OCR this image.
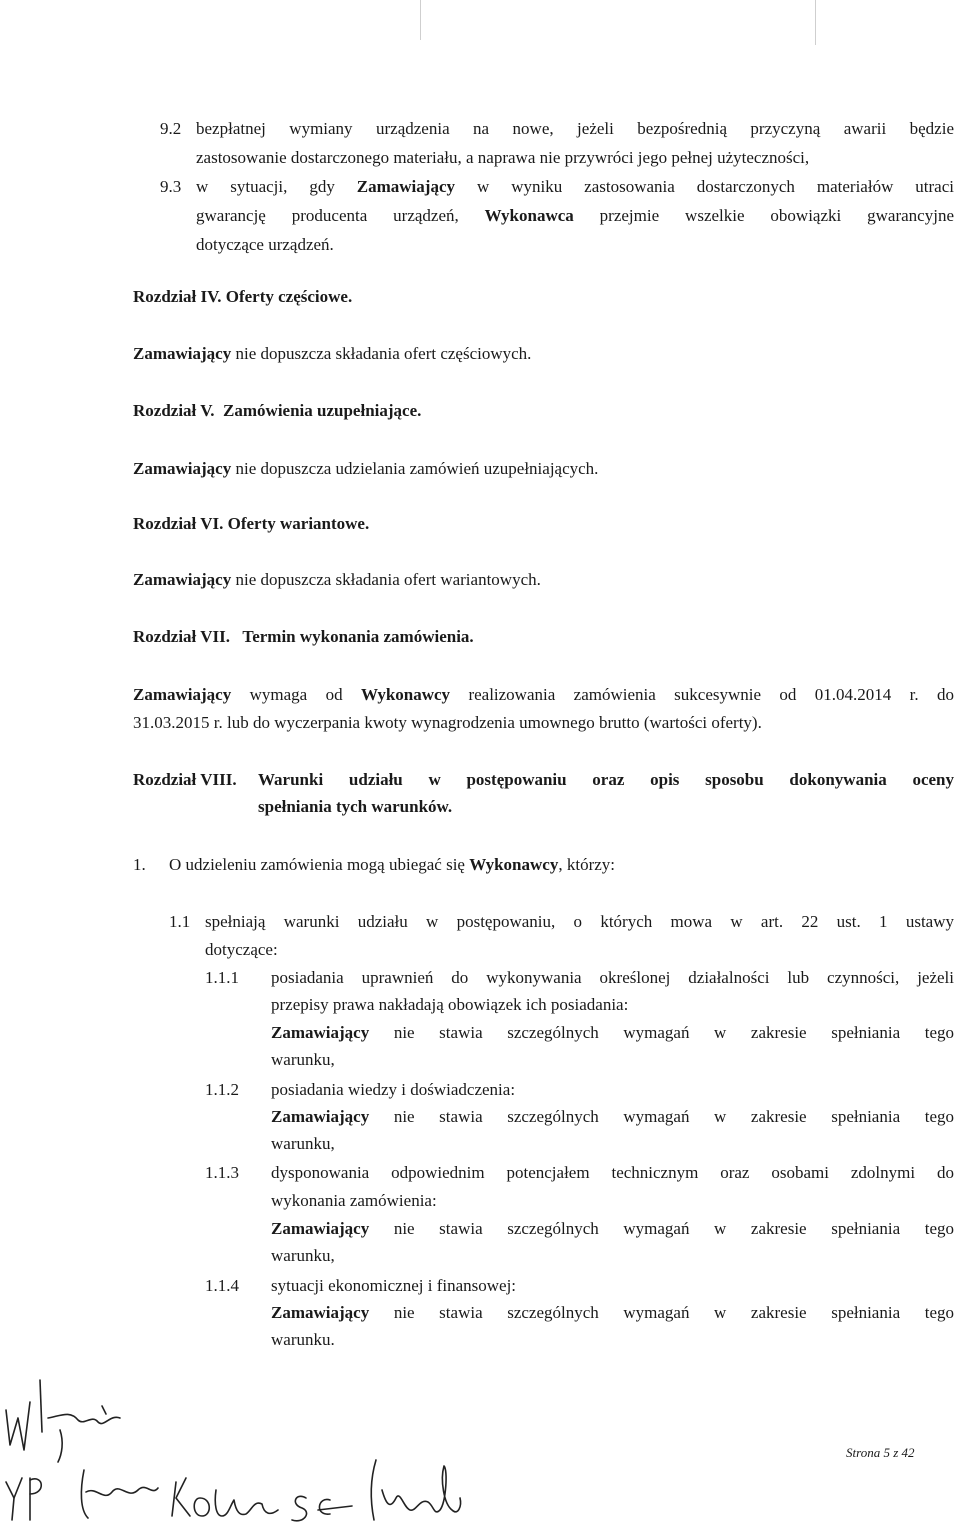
9.2 bezpłatnej wymiany urządzenia na nowe, jeżeli bezpośrednią przyczyną awarii będzie
zastosowanie dostarczonego materiału, a naprawa nie przywróci jego pełnej użyteczności,
9.3 w sytuacji, gdy Zamawiający w wyniku zastosowania dostarczonych materiałów utraci
gwarancję producenta urządzeń, Wykonawca przejmie wszelkie obowiązki gwarancyjne
dotyczące urządzeń.
Rozdział IV. Oferty częściowe.
Zamawiający nie dopuszcza składania ofert częściowych.
Rozdział V.  Zamówienia uzupełniające.
Zamawiający nie dopuszcza udzielania zamówień uzupełniających.
Rozdział VI. Oferty wariantowe.
Zamawiający nie dopuszcza składania ofert wariantowych.
Rozdział VII.   Termin wykonania zamówienia.
Zamawiający wymaga od Wykonawcy realizowania zamówienia sukcesywnie od 01.04.2014 r. do
31.03.2015 r. lub do wyczerpania kwoty wynagrodzenia umownego brutto (wartości oferty).
Rozdział VIII. Warunki udziału w postępowaniu oraz opis sposobu dokonywania oceny
spełniania tych warunków.
1. O udzieleniu zamówienia mogą ubiegać się Wykonawcy, którzy:
1.1 spełniają warunki udziału w postępowaniu, o których mowa w art. 22 ust. 1 ustawy
dotyczące:
1.1.1 posiadania uprawnień do wykonywania określonej działalności lub czynności, jeżeli
przepisy prawa nakładają obowiązek ich posiadania:
Zamawiający nie stawia szczególnych wymagań w zakresie spełniania tego
warunku,
1.1.2 posiadania wiedzy i doświadczenia:
Zamawiający nie stawia szczególnych wymagań w zakresie spełniania tego
warunku,
1.1.3 dysponowania odpowiednim potencjałem technicznym oraz osobami zdolnymi do
wykonania zamówienia:
Zamawiający nie stawia szczególnych wymagań w zakresie spełniania tego
warunku,
1.1.4 sytuacji ekonomicznej i finansowej:
Zamawiający nie stawia szczególnych wymagań w zakresie spełniania tego
warunku.
Strona 5 z 42
